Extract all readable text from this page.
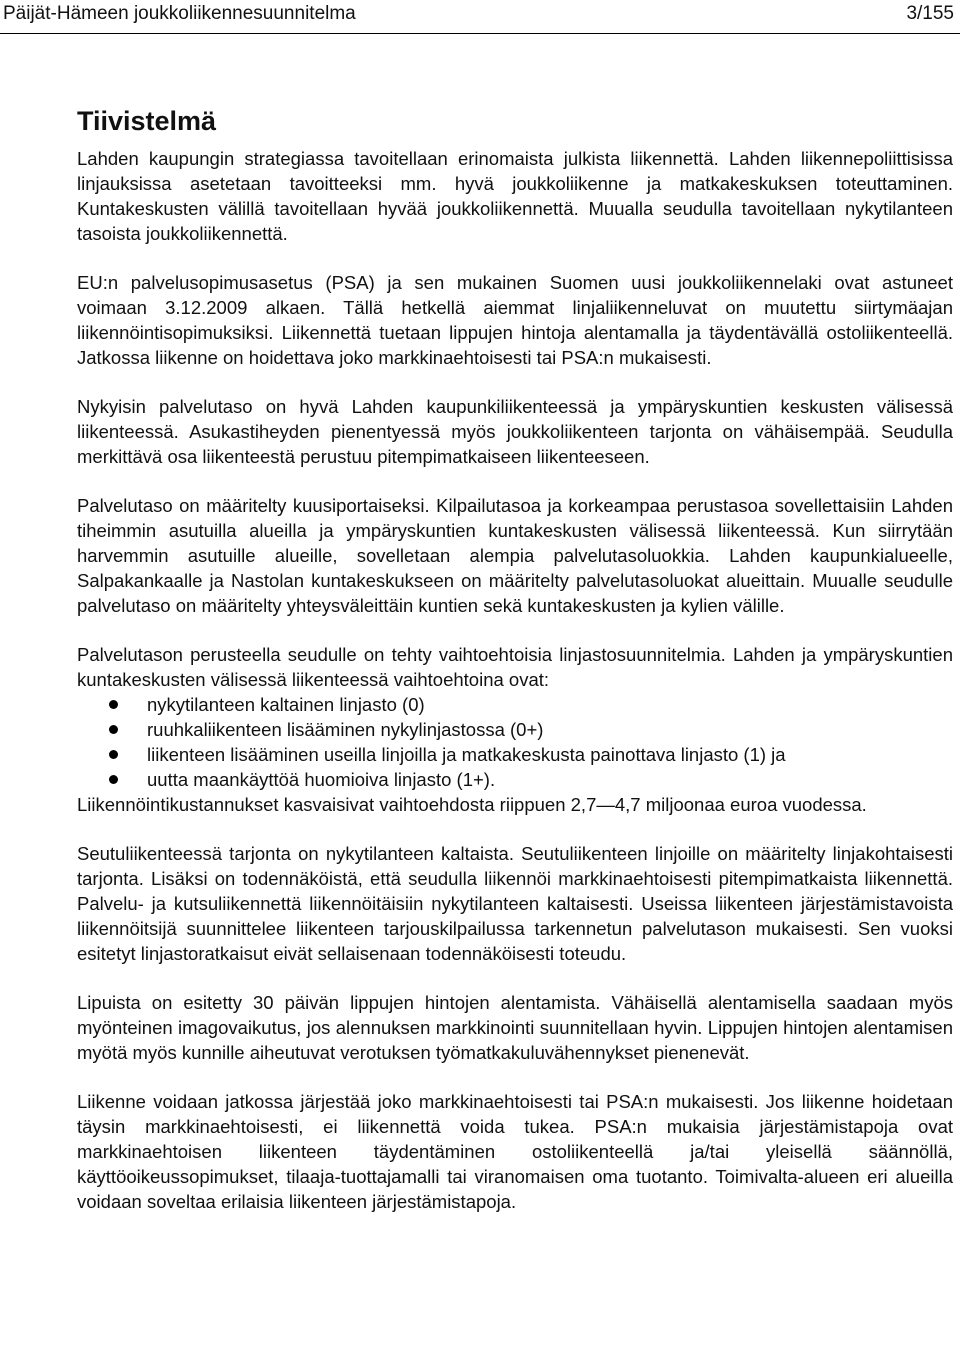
Päijät-Hämeen joukkoliikennesuunnitelma	3/155
Tiivistelmä

Lahden kaupungin strategiassa tavoitellaan erinomaista julkista liikennettä. Lahden liikennepoliittisissa linjauksissa asetetaan tavoitteeksi mm. hyvä joukkoliikenne ja matkakeskuksen toteuttaminen. Kuntakeskusten välillä tavoitellaan hyvää joukkoliikennettä. Muualla seudulla tavoitellaan nykytilanteen tasoista joukkoliikennettä.

EU:n palvelusopimusasetus (PSA) ja sen mukainen Suomen uusi joukkoliikennelaki ovat astuneet voimaan 3.12.2009 alkaen. Tällä hetkellä aiemmat linjaliikenneluvat on muutettu siirtymäajan liikennöintisopimuksiksi. Liikennettä tuetaan lippujen hintoja alentamalla ja täydentävällä ostoliikenteellä. Jatkossa liikenne on hoidettava joko markkinaehtoisesti tai PSA:n mukaisesti.

Nykyisin palvelutaso on hyvä Lahden kaupunkiliikenteessä ja ympäryskuntien keskusten välisessä liikenteessä. Asukastiheyden pienentyessä myös joukkoliikenteen tarjonta on vähäisempää. Seudulla merkittävä osa liikenteestä perustuu pitempimatkaiseen liikenteeseen.

Palvelutaso on määritelty kuusiportaiseksi. Kilpailutasoa ja korkeampaa perustasoa sovellettaisiin Lahden tiheimmin asutuilla alueilla ja ympäryskuntien kuntakeskusten välisessä liikenteessä. Kun siirrytään harvemmin asutuille alueille, sovelletaan alempia palvelutasoluokkia. Lahden kaupunkialueelle, Salpakankaalle ja Nastolan kuntakeskukseen on määritelty palvelutasoluokat alueittain. Muualle seudulle palvelutaso on määritelty yhteysväleittäin kuntien sekä kuntakeskusten ja kylien välille.

Palvelutason perusteella seudulle on tehty vaihtoehtoisia linjastosuunnitelmia. Lahden ja ympäryskuntien kuntakeskusten välisessä liikenteessä vaihtoehtoina ovat:

nykytilanteen kaltainen linjasto (0)
ruuhkaliikenteen lisääminen nykylinjastossa (0+)
liikenteen lisääminen useilla linjoilla ja matkakeskusta painottava linjasto (1) ja
uutta maankäyttöä huomioiva linjasto (1+).

Liikennöintikustannukset kasvaisivat vaihtoehdosta riippuen 2,7—4,7 miljoonaa euroa vuodessa.

Seutuliikenteessä tarjonta on nykytilanteen kaltaista. Seutuliikenteen linjoille on määritelty linjakohtaisesti tarjonta. Lisäksi on todennäköistä, että seudulla liikennöi markkinaehtoisesti pitempimatkaista liikennettä. Palvelu- ja kutsuliikennettä liikennöitäisiin nykytilanteen kaltaisesti. Useissa liikenteen järjestämistavoista liikennöitsijä suunnittelee liikenteen tarjouskilpailussa tarkennetun palvelutason mukaisesti. Sen vuoksi esitetyt linjastoratkaisut eivät sellaisenaan todennäköisesti toteudu.

Lipuista on esitetty 30 päivän lippujen hintojen alentamista. Vähäisellä alentamisella saadaan myös myönteinen imagovaikutus, jos alennuksen markkinointi suunnitellaan hyvin. Lippujen hintojen alentamisen myötä myös kunnille aiheutuvat verotuksen työmatkakuluvähennykset pienenevät.

Liikenne voidaan jatkossa järjestää joko markkinaehtoisesti tai PSA:n mukaisesti. Jos liikenne hoidetaan täysin markkinaehtoisesti, ei liikennettä voida tukea. PSA:n mukaisia järjestämistapoja ovat markkinaehtoisen liikenteen täydentäminen ostoliikenteellä ja/tai yleisellä säännöllä, käyttöoikeussopimukset, tilaaja-tuottajamalli tai viranomaisen oma tuotanto. Toimivalta-alueen eri alueilla voidaan soveltaa erilaisia liikenteen järjestämistapoja.
